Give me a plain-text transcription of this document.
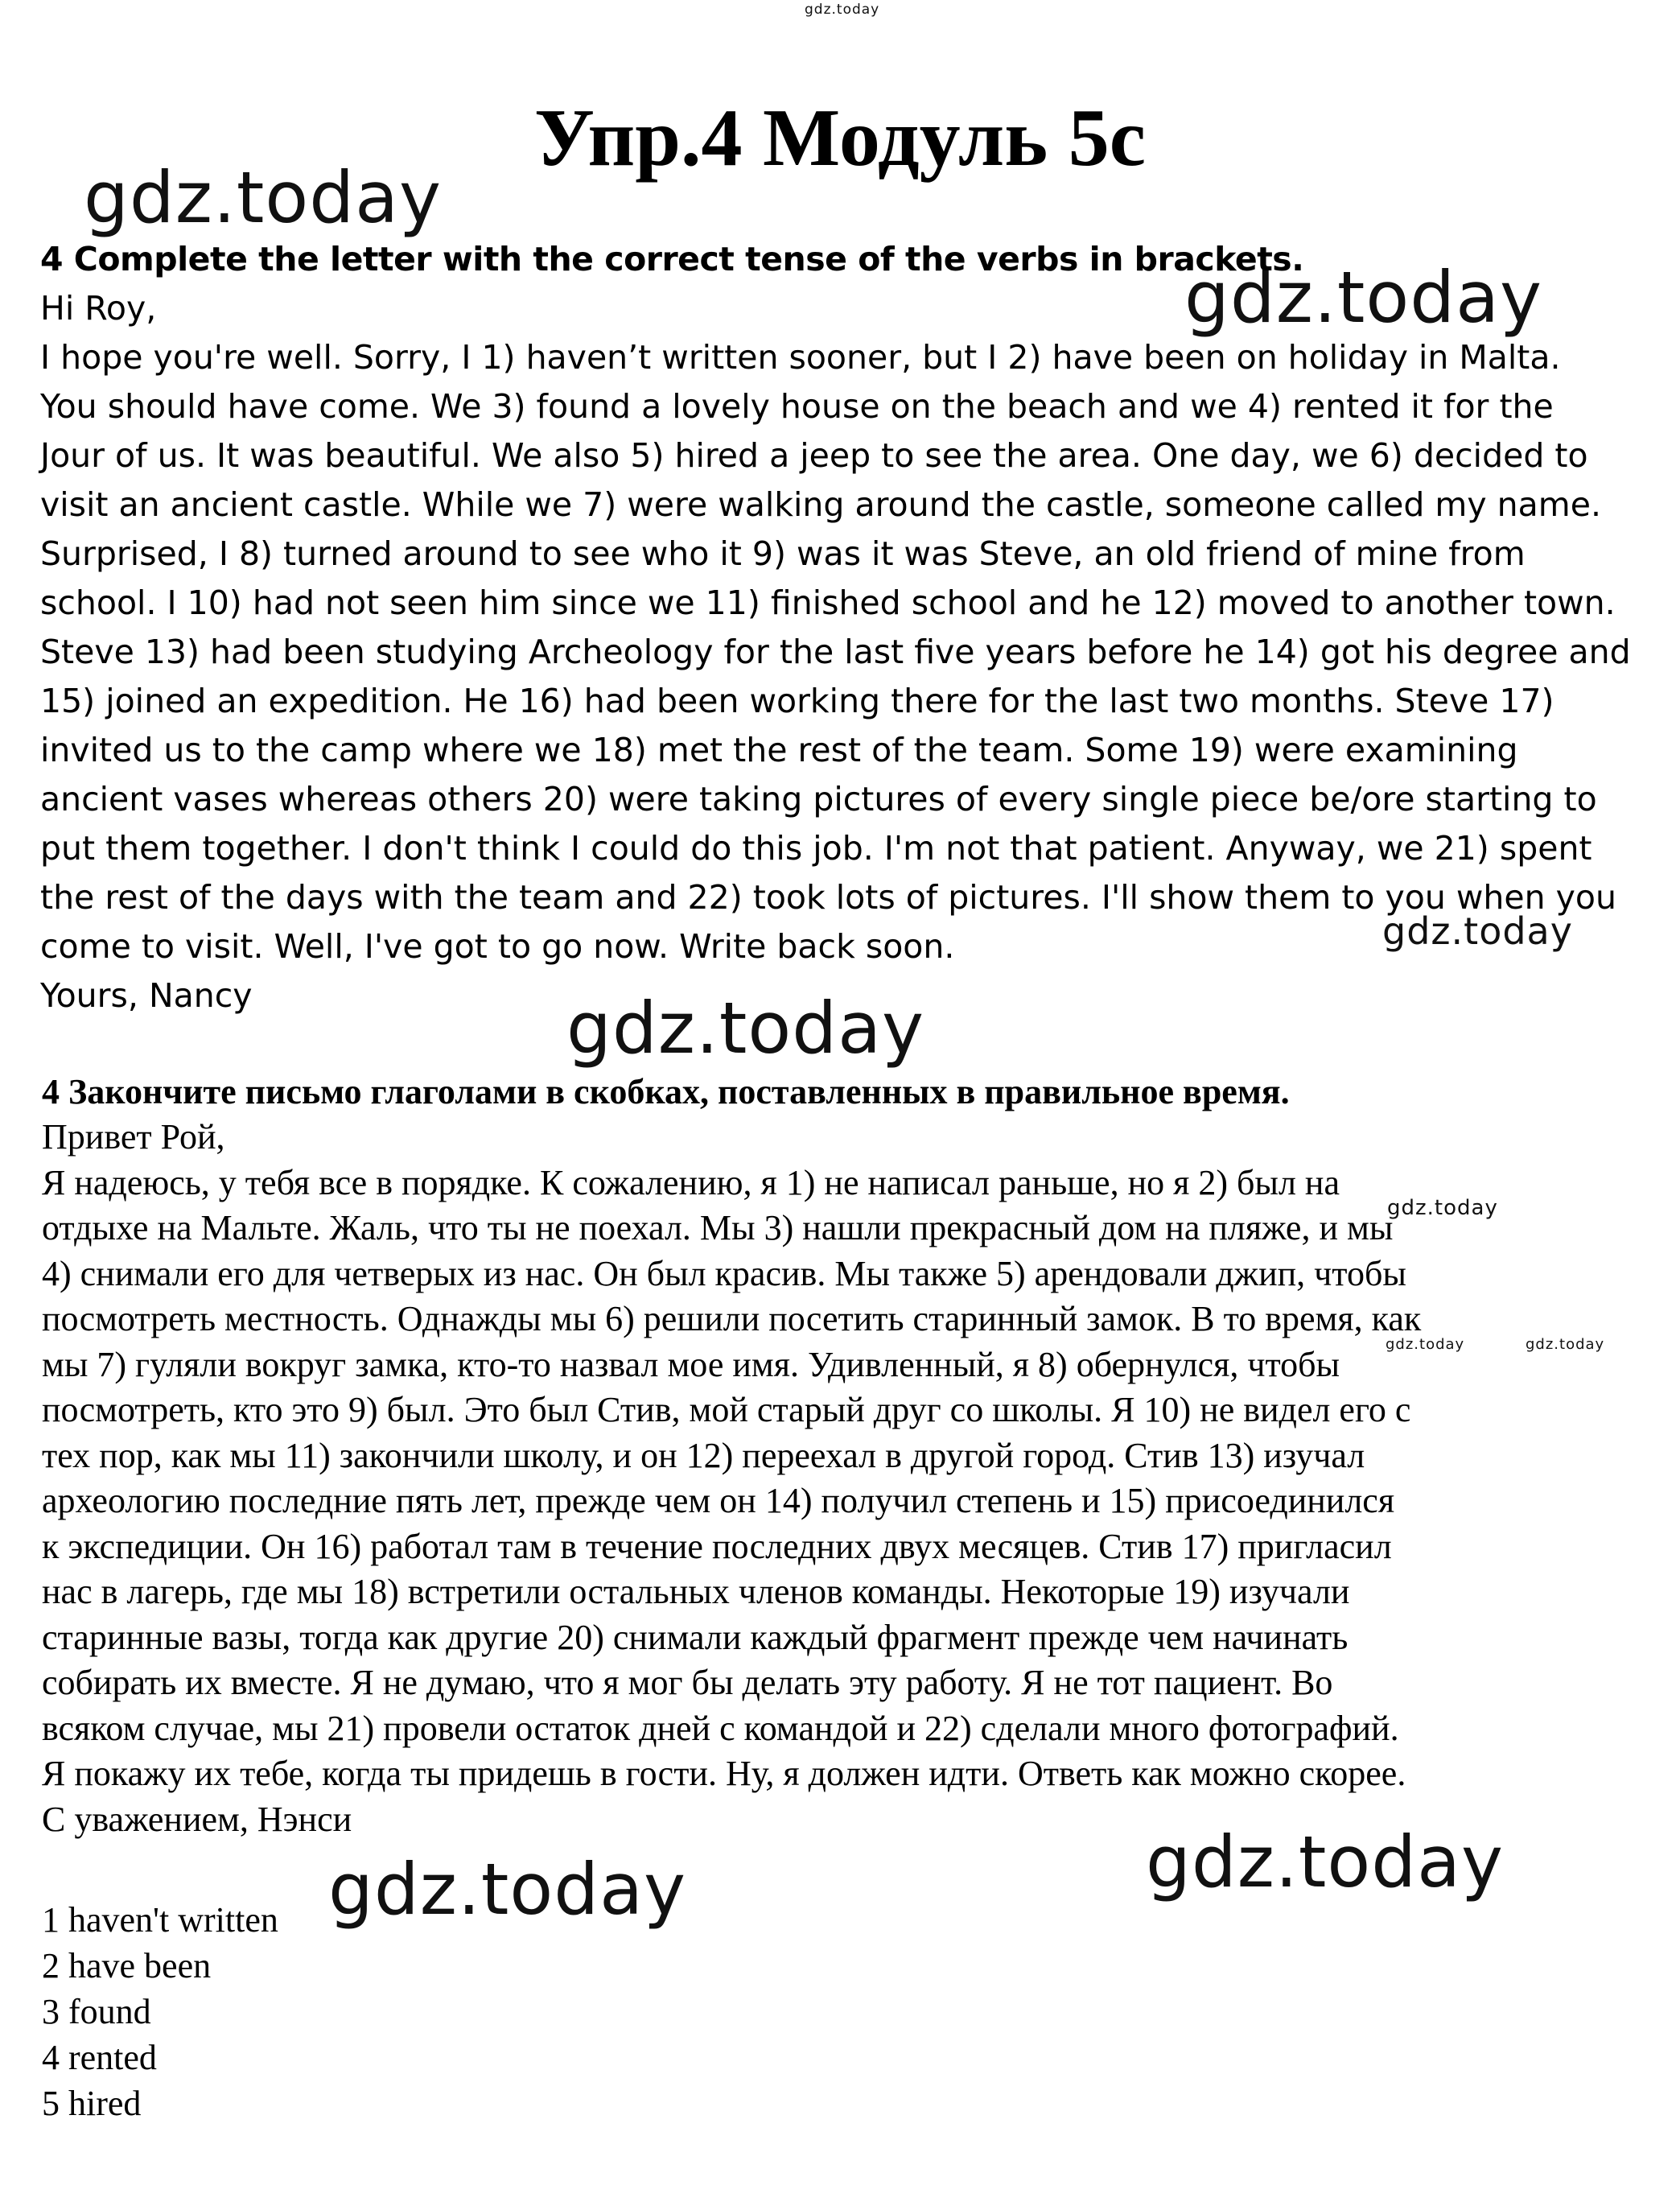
gdz.today
Упр.4 Модуль 5c
gdz.today
gdz.today
gdz.today
gdz.today
gdz.today
gdz.today	gdz.today
gdz.today
gdz.today
4 Complete the letter with the correct tense of the verbs in brackets.
Hi Roy,
I hope you're well. Sorry, I 1) haven’t written sooner, but I 2) have been on holiday in Malta.
You should have come. We 3) found a lovely house on the beach and we 4) rented it for the
Jour of us. It was beautiful. We also 5) hired a jeep to see the area. One day, we 6) decided to
visit an ancient castle. While we 7) were walking around the castle, someone called my name.
Surprised, I 8) turned around to see who it 9) was it was Steve, an old friend of mine from
school. I 10) had not seen him since we 11) finished school and he 12) moved to another town.
Steve 13) had been studying Archeology for the last five years before he 14) got his degree and
15) joined an expedition. He 16) had been working there for the last two months. Steve 17)
invited us to the camp where we 18) met the rest of the team. Some 19) were examining
ancient vases whereas others 20) were taking pictures of every single piece be/ore starting to
put them together. I don't think I could do this job. I'm not that patient. Anyway, we 21) spent
the rest of the days with the team and 22) took lots of pictures. I'll show them to you when you
come to visit. Well, I've got to go now. Write back soon.
Yours, Nancy
4 Закончите письмо глаголами в скобках, поставленных в правильное время.
Привет Рой,
Я надеюсь, у тебя все в порядке. К сожалению, я 1) не написал раньше, но я 2) был на
отдыхе на Мальте. Жаль, что ты не поехал. Мы 3) нашли прекрасный дом на пляже, и мы
4) снимали его для четверых из нас. Он был красив. Мы также 5) арендовали джип, чтобы
посмотреть местность. Однажды мы 6) решили посетить старинный замок. В то время, как
мы 7) гуляли вокруг замка, кто-то назвал мое имя. Удивленный, я 8) обернулся, чтобы
посмотреть, кто это 9) был. Это был Стив, мой старый друг со школы. Я 10) не видел его с
тех пор, как мы 11) закончили школу, и он 12) переехал в другой город. Стив 13) изучал
археологию последние пять лет, прежде чем он 14) получил степень и 15) присоединился
к экспедиции. Он 16) работал там в течение последних двух месяцев. Стив 17) пригласил
нас в лагерь, где мы 18) встретили остальных членов команды. Некоторые 19) изучали
старинные вазы, тогда как другие 20) снимали каждый фрагмент прежде чем начинать
собирать их вместе. Я не думаю, что я мог бы делать эту работу. Я не тот пациент. Во
всяком случае, мы 21) провели остаток дней с командой и 22) сделали много фотографий.
Я покажу их тебе, когда ты придешь в гости. Ну, я должен идти. Ответь как можно скорее.
С уважением, Нэнси
1 haven't written
2 have been
3 found
4 rented
5 hired
